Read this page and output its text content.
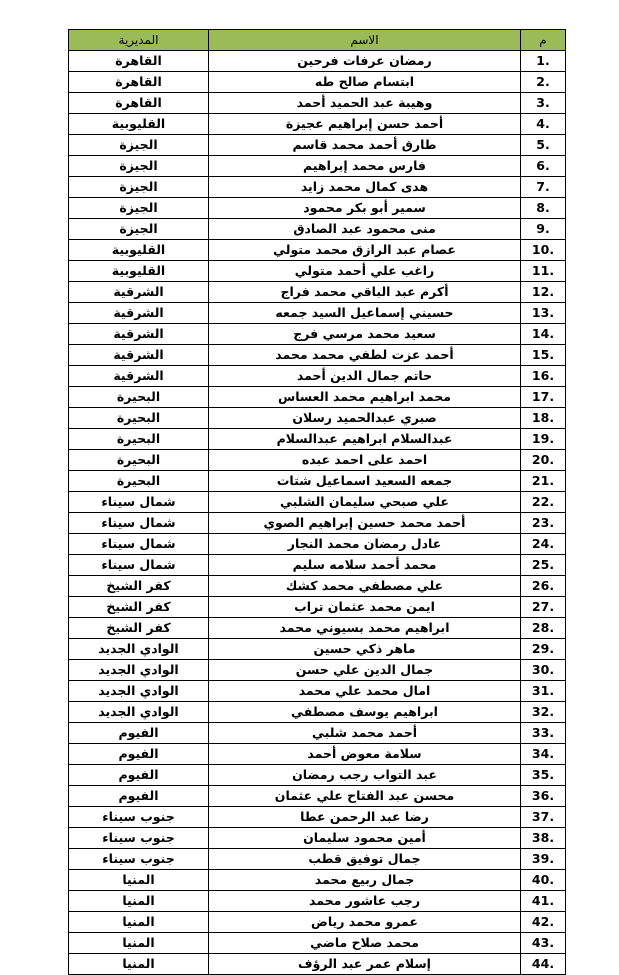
م	الاسم	المديرية
1.	رمضان عرفات فرحين	القاهرة
2.	ابتسام صالح طه	القاهرة
3.	وهيبة عبد الحميد أحمد	القاهرة
4.	أحمد حسن إبراهيم عجيزة	القليوبية
5.	طارق أحمد محمد قاسم	الجيزة
6.	فارس محمد إبراهيم	الجيزة
7.	هدى كمال محمد زايد	الجيزة
8.	سمير أبو بكر محمود	الجيزة
9.	منى محمود عبد الصادق	الجيزة
10.	عصام عبد الرازق محمد متولي	القليوبية
11.	راغب علي أحمد متولي	القليوبية
12.	أكرم عبد الباقي محمد فراج	الشرقية
13.	حسيني إسماعيل السيد جمعه	الشرقية
14.	سعيد محمد مرسي فرج	الشرقية
15.	أحمد عزت لطفي محمد محمد	الشرقية
16.	حاتم جمال الدين أحمد	الشرقية
17.	محمد ابراهيم محمد العساس	البحيرة
18.	صبري عبدالحميد رسلان	البحيرة
19.	عبدالسلام ابراهيم عبدالسلام	البحيرة
20.	احمد على احمد عبده	البحيرة
21.	جمعه السعيد اسماعيل شتات	البحيرة
22.	علي صبحي سليمان الشلبي	شمال سيناء
23.	أحمد محمد حسين إبراهيم الصوي	شمال سيناء
24.	عادل رمضان محمد النجار	شمال سيناء
25.	محمد أحمد سلامه سليم	شمال سيناء
26.	علي مصطفي محمد كشك	كفر الشيخ
27.	ايمن محمد عثمان تراب	كفر الشيخ
28.	ابراهيم محمد بسيوني محمد	كفر الشيخ
29.	ماهر ذكي حسين	الوادي الجديد
30.	جمال الدين علي حسن	الوادي الجديد
31.	امال محمد علي محمد	الوادي الجديد
32.	ابراهيم يوسف مصطفي	الوادي الجديد
33.	أحمد محمد شلبي	الفيوم
34.	سلامة معوض أحمد	الفيوم
35.	عبد التواب رجب رمضان	الفيوم
36.	محسن عبد الفتاح علي عثمان	الفيوم
37.	رضا عبد الرحمن عطا	جنوب سيناء
38.	أمين محمود سليمان	جنوب سيناء
39.	جمال توفيق قطب	جنوب سيناء
40.	جمال ربيع محمد	المنيا
41.	رجب عاشور محمد	المنيا
42.	عمرو محمد رياض	المنيا
43.	محمد صلاح ماضي	المنيا
44.	إسلام عمر عبد الرؤف	المنيا
